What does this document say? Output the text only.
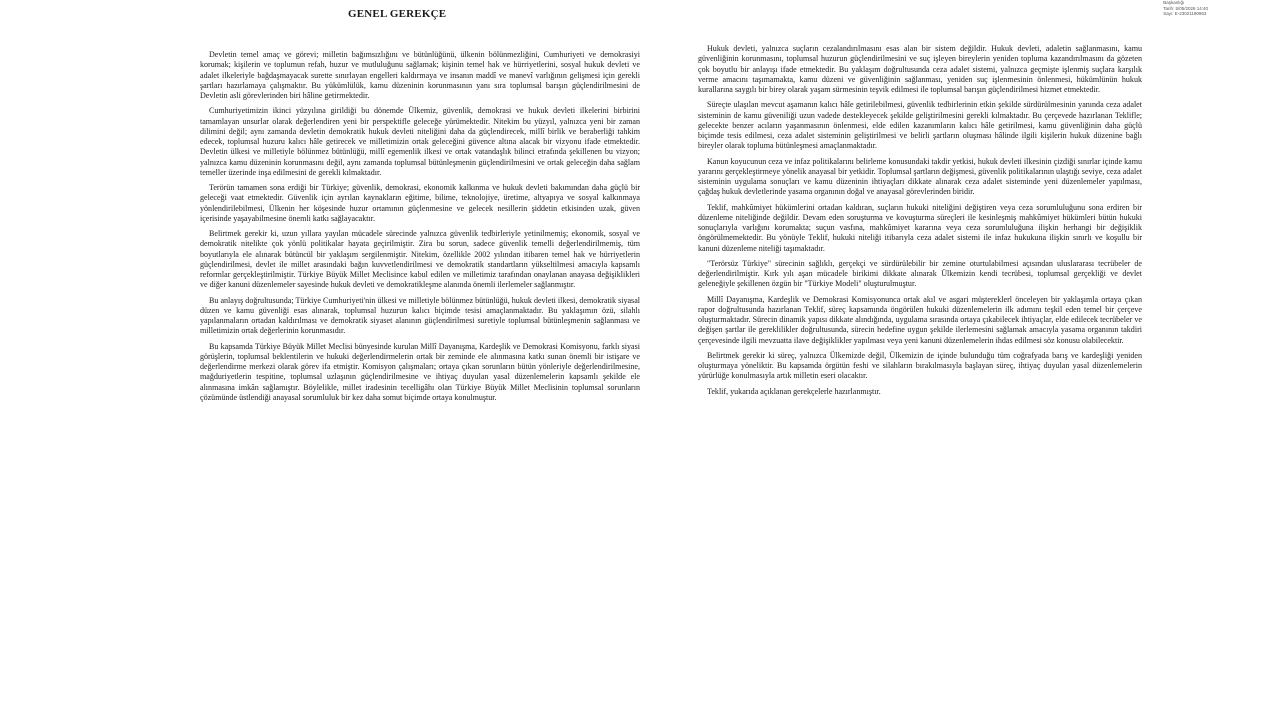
Başkanlığı
Tarih: 5/05/2026 14:40
Sayı: E-23021190963
GENEL GEREKÇE

Devletin temel amaç ve görevi; milletin bağımsızlığını ve bütünlüğünü, ülkenin bölünmezliğini, Cumhuriyeti ve demokrasiyi korumak; kişilerin ve toplumun refah, huzur ve mutluluğunu sağlamak; kişinin temel hak ve hürriyetlerini, sosyal hukuk devleti ve adalet ilkeleriyle bağdaşmayacak surette sınırlayan engelleri kaldırmaya ve insanın maddî ve manevî varlığının gelişmesi için gerekli şartları hazırlamaya çalışmaktır. Bu yükümlülük, kamu düzeninin korunmasının yanı sıra toplumsal barışın güçlendirilmesini de Devletin asli görevlerinden biri hâline getirmektedir.

Cumhuriyetimizin ikinci yüzyılına girildiği bu dönemde Ülkemiz, güvenlik, demokrasi ve hukuk devleti ilkelerini birbirini tamamlayan unsurlar olarak değerlendiren yeni bir perspektifle geleceğe yürümektedir. Nitekim bu yüzyıl, yalnızca yeni bir zaman dilimini değil; aynı zamanda devletin demokratik hukuk devleti niteliğini daha da güçlendirecek, millî birlik ve beraberliği tahkim edecek, toplumsal huzuru kalıcı hâle getirecek ve milletimizin ortak geleceğini güvence altına alacak bir vizyonu ifade etmektedir. Devletin ülkesi ve milletiyle bölünmez bütünlüğü, millî egemenlik ilkesi ve ortak vatandaşlık bilinci etrafında şekillenen bu vizyon; yalnızca kamu düzeninin korunmasını değil, aynı zamanda toplumsal bütünleşmenin güçlendirilmesini ve ortak geleceğin daha sağlam temeller üzerinde inşa edilmesini de gerekli kılmaktadır.

Terörün tamamen sona erdiği bir Türkiye; güvenlik, demokrasi, ekonomik kalkınma ve hukuk devleti bakımından daha güçlü bir geleceği vaat etmektedir. Güvenlik için ayrılan kaynakların eğitime, bilime, teknolojiye, üretime, altyapıya ve sosyal kalkınmaya yönlendirilebilmesi, Ülkenin her köşesinde huzur ortamının güçlenmesine ve gelecek nesillerin şiddetin etkisinden uzak, güven içerisinde yaşayabilmesine önemli katkı sağlayacaktır.

Belirtmek gerekir ki, uzun yıllara yayılan mücadele sürecinde yalnızca güvenlik tedbirleriyle yetinilmemiş; ekonomik, sosyal ve demokratik nitelikte çok yönlü politikalar hayata geçirilmiştir. Zira bu sorun, sadece güvenlik temelli değerlendirilmemiş, tüm boyutlarıyla ele alınarak bütüncül bir yaklaşım sergilenmiştir. Nitekim, özellikle 2002 yılından itibaren temel hak ve hürriyetlerin güçlendirilmesi, devlet ile millet arasındaki bağın kuvvetlendirilmesi ve demokratik standartların yükseltilmesi amacıyla kapsamlı reformlar gerçekleştirilmiştir. Türkiye Büyük Millet Meclisince kabul edilen ve milletimiz tarafından onaylanan anayasa değişiklikleri ve diğer kanuni düzenlemeler sayesinde hukuk devleti ve demokratikleşme alanında önemli ilerlemeler sağlanmıştır.

Bu anlayış doğrultusunda; Türkiye Cumhuriyeti'nin ülkesi ve milletiyle bölünmez bütünlüğü, hukuk devleti ilkesi, demokratik siyasal düzen ve kamu güvenliği esas alınarak, toplumsal huzurun kalıcı biçimde tesisi amaçlanmaktadır. Bu yaklaşımın özü, silahlı yapılanmaların ortadan kaldırılması ve demokratik siyaset alanının güçlendirilmesi suretiyle toplumsal bütünleşmenin sağlanması ve milletimizin ortak değerlerinin korunmasıdır.

Bu kapsamda Türkiye Büyük Millet Meclisi bünyesinde kurulan Millî Dayanışma, Kardeşlik ve Demokrasi Komisyonu, farklı siyasi görüşlerin, toplumsal beklentilerin ve hukuki değerlendirmelerin ortak bir zeminde ele alınmasına katkı sunan önemli bir istişare ve değerlendirme merkezi olarak görev ifa etmiştir. Komisyon çalışmaları; ortaya çıkan sorunların bütün yönleriyle değerlendirilmesine, mağduriyetlerin tespitine, toplumsal uzlaşının güçlendirilmesine ve ihtiyaç duyulan yasal düzenlemelerin kapsamlı şekilde ele alınmasına imkân sağlamıştır. Böylelikle, millet iradesinin tecelligâhı olan Türkiye Büyük Millet Meclisinin toplumsal sorunların çözümünde üstlendiği anayasal sorumluluk bir kez daha somut biçimde ortaya konulmuştur.

Hukuk devleti, yalnızca suçların cezalandırılmasını esas alan bir sistem değildir. Hukuk devleti, adaletin sağlanmasını, kamu güvenliğinin korunmasını, toplumsal huzurun güçlendirilmesini ve suç işleyen bireylerin yeniden topluma kazandırılmasını da gözeten çok boyutlu bir anlayışı ifade etmektedir. Bu yaklaşım doğrultusunda ceza adalet sistemi, yalnızca geçmişte işlenmiş suçlara karşılık verme amacını taşımamakta, kamu düzeni ve güvenliğinin sağlanması, yeniden suç işlenmesinin önlenmesi, hükümlünün hukuk kurallarına saygılı bir birey olarak yaşam sürmesinin teşvik edilmesi ile toplumsal barışın güçlendirilmesi hizmet etmektedir.

Süreçte ulaşılan mevcut aşamanın kalıcı hâle getirilebilmesi, güvenlik tedbirlerinin etkin şekilde sürdürülmesinin yanında ceza adalet sisteminin de kamu güveniliği uzun vadede destekleyecek şekilde geliştirilmesini gerekli kılmaktadır. Bu çerçevede hazırlanan Teklifle; gelecekte benzer acıların yaşanmasının önlenmesi, elde edilen kazanımların kalıcı hâle getirilmesi, kamu güvenliğinin daha güçlü biçimde tesis edilmesi, ceza adalet sisteminin geliştirilmesi ve belirli şartların oluşması hâlinde ilgili kişilerin hukuk düzenine bağlı bireyler olarak topluma bütünleşmesi amaçlanmaktadır.

Kanun koyucunun ceza ve infaz politikalarını belirleme konusundaki takdir yetkisi, hukuk devleti ilkesinin çizdiği sınırlar içinde kamu yararını gerçekleştirmeye yönelik anayasal bir yetkidir. Toplumsal şartların değişmesi, güvenlik politikalarının ulaştığı seviye, ceza adalet sisteminin uygulama sonuçları ve kamu düzeninin ihtiyaçları dikkate alınarak ceza adalet sisteminde yeni düzenlemeler yapılması, çağdaş hukuk devletlerinde yasama organının doğal ve anayasal görevlerinden biridir.

Teklif, mahkûmiyet hükümlerini ortadan kaldıran, suçların hukuki niteliğini değiştiren veya ceza sorumluluğunu sona erdiren bir düzenleme niteliğinde değildir. Devam eden soruşturma ve kovuşturma süreçleri ile kesinleşmiş mahkûmiyet hükümleri bütün hukuki sonuçlarıyla varlığını korumakta; suçun vasfına, mahkûmiyet kararına veya ceza sorumluluğuna ilişkin herhangi bir değişiklik öngörülmemektedir. Bu yönüyle Teklif, hukuki niteliği itibarıyla ceza adalet sistemi ile infaz hukukuna ilişkin sınırlı ve koşullu bir kanuni düzenleme niteliği taşımaktadır.

"Terörsüz Türkiye" sürecinin sağlıklı, gerçekçi ve sürdürülebilir bir zemine oturtulabilmesi açısından uluslararası tecrübeler de değerlendirilmiştir. Kırk yılı aşan mücadele birikimi dikkate alınarak Ülkemizin kendi tecrübesi, toplumsal gerçekliği ve devlet geleneğiyle şekillenen özgün bir "Türkiye Modeli" oluşturulmuştur.

Millî Dayanışma, Kardeşlik ve Demokrasi Komisyonunca ortak akıl ve asgari müştereklerl önceleyen bir yaklaşımla ortaya çıkan rapor doğrultusunda hazırlanan Teklif, süreç kapsamında öngörülen hukuki düzenlemelerin ilk adımını teşkil eden temel bir çerçeve oluşturmaktadır. Sürecin dinamik yapısı dikkate alındığında, uygulama sırasında ortaya çıkabilecek ihtiyaçlar, elde edilecek tecrübeler ve değişen şartlar ile gereklilikler doğrultusunda, sürecin hedefine uygun şekilde ilerlemesini sağlamak amacıyla yasama organının takdiri çerçevesinde ilgili mevzuatta ilave değişiklikler yapılması veya yeni kanuni düzenlemelerin ihdas edilmesi söz konusu olabilecektir.

Belirtmek gerekir ki süreç, yalnızca Ülkemizde değil, Ülkemizin de içinde bulunduğu tüm coğrafyada barış ve kardeşliği yeniden oluşturmaya yöneliktir. Bu kapsamda örgütün feshi ve silahların bırakılmasıyla başlayan süreç, ihtiyaç duyulan yasal düzenlemelerin yürürlüğe konulmasıyla artık milletin eseri olacaktır.

Teklif, yukarıda açıklanan gerekçelerle hazırlanmıştır.
